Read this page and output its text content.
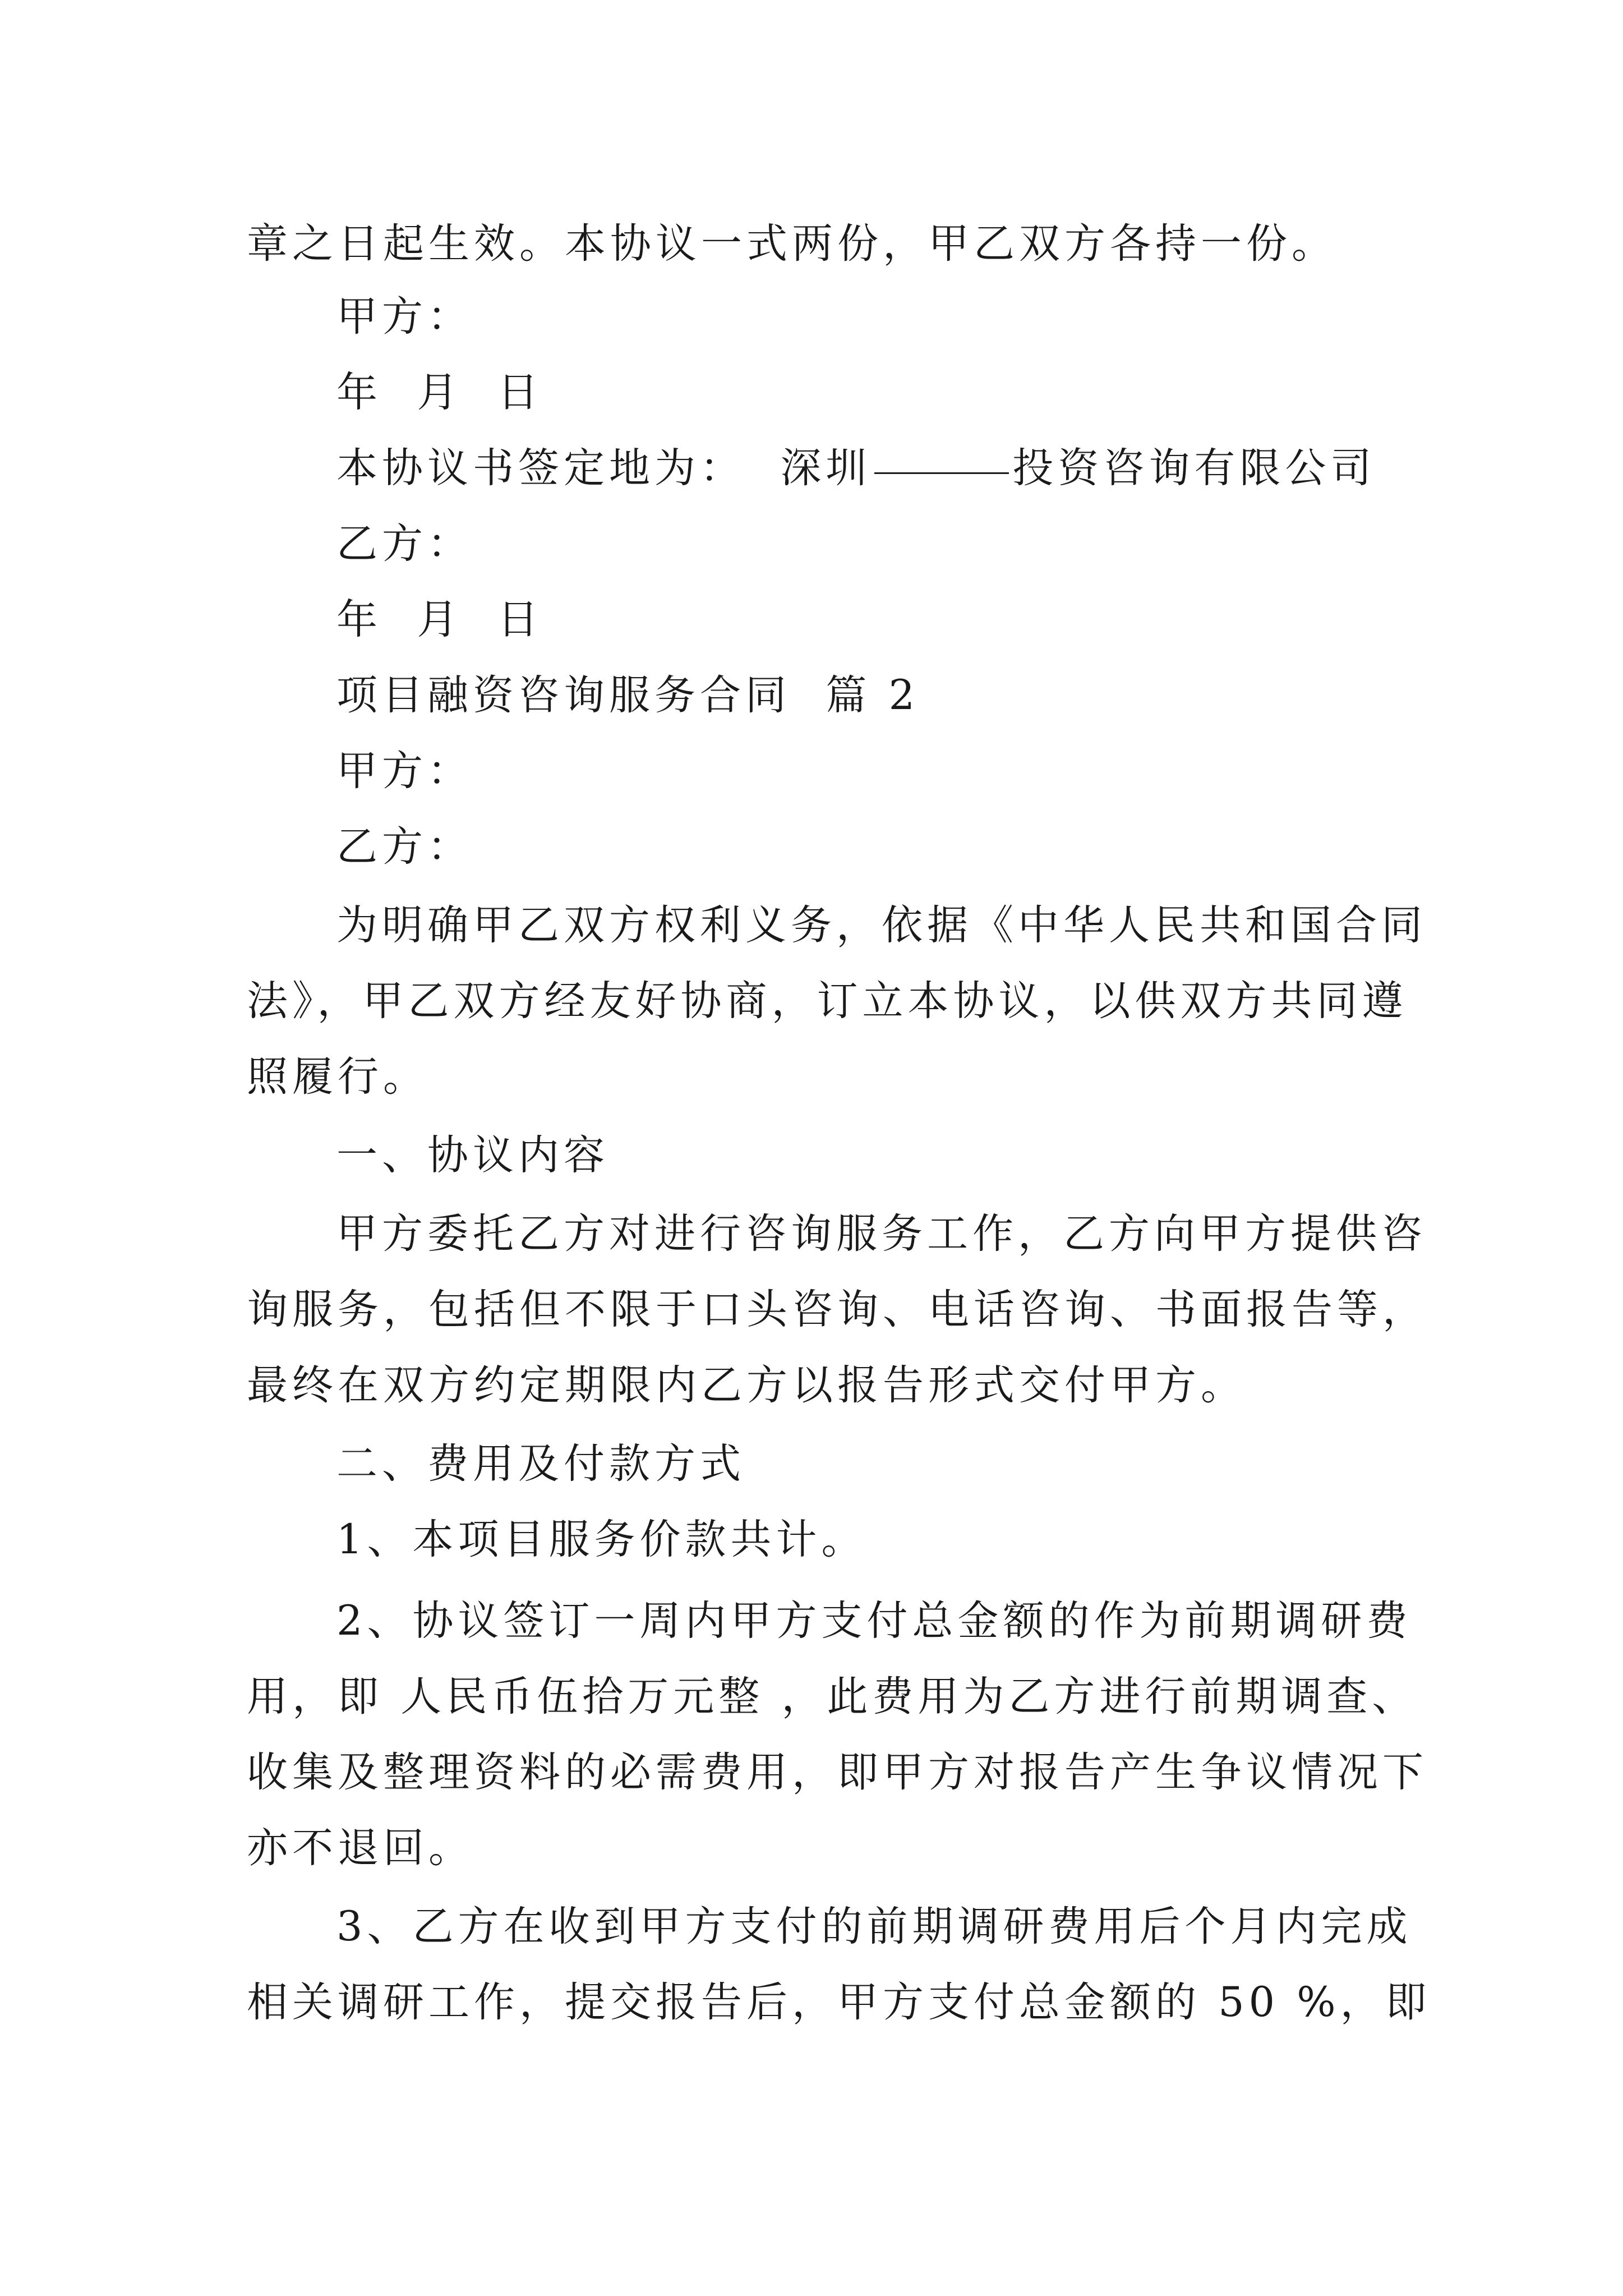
章之日起生效。本协议一式两份，甲乙双方各持一份。
甲方：
年  月  日
本协议书签定地为：  深圳	投资咨询有限公司
乙方：
年  月  日
项目融资咨询服务合同  篇 2
甲方：
乙方：
为明确甲乙双方权利义务，依据《中华人民共和国合同
法》，甲乙双方经友好协商，订立本协议，以供双方共同遵
照履行。
一、协议内容
甲方委托乙方对进行咨询服务工作，乙方向甲方提供咨
询服务，包括但不限于口头咨询、电话咨询、书面报告等，
最终在双方约定期限内乙方以报告形式交付甲方。
二、费用及付款方式
1、本项目服务价款共计。
2、协议签订一周内甲方支付总金额的作为前期调研费
用，即 人民币伍拾万元整 ，此费用为乙方进行前期调查、
收集及整理资料的必需费用，即甲方对报告产生争议情况下
亦不退回。
3、乙方在收到甲方支付的前期调研费用后个月内完成
相关调研工作，提交报告后，甲方支付总金额的 50 %，即
